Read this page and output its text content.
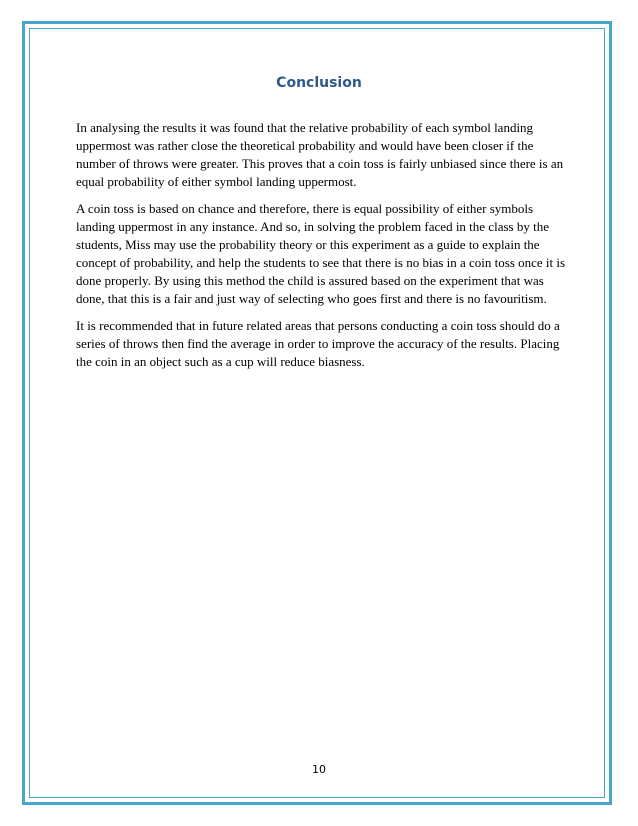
Conclusion

In analysing the results it was found that the relative probability of each symbol landing uppermost was rather close the theoretical probability and would have been closer if the number of throws were greater. This proves that a coin toss is fairly unbiased since there is an equal probability of either symbol landing uppermost.

A coin toss is based on chance and therefore, there is equal possibility of either symbols landing uppermost in any instance. And so, in solving the problem faced in the class by the students, Miss may use the probability theory or this experiment as a guide to explain the concept of probability, and help the students to see that there is no bias in a coin toss once it is done properly. By using this method the child is assured based on the experiment that was done, that this is a fair and just way of selecting who goes first and there is no favouritism.

It is recommended that in future related areas that persons conducting a coin toss should do a series of throws then find the average in order to improve the accuracy of the results. Placing the coin in an object such as a cup will reduce biasness.

10
